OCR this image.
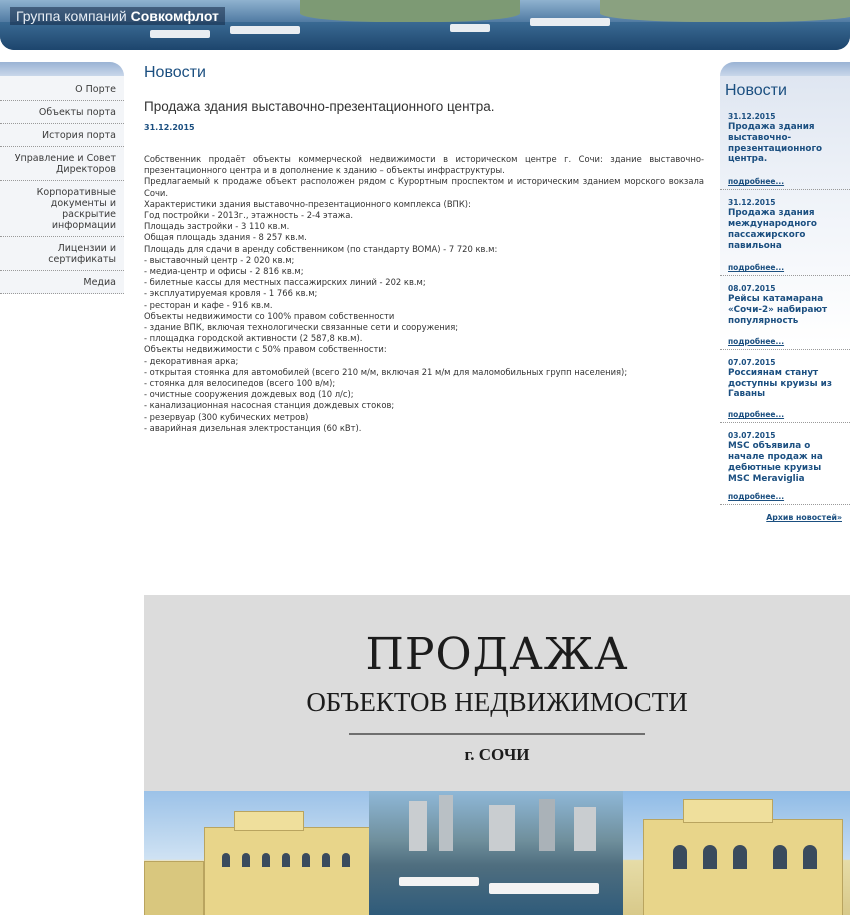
Группа компаний Совкомфлот
О Порте
Объекты порта
История порта
Управление и Совет Директоров
Корпоративные документы и раскрытие информации
Лицензии и сертификаты
Медиа
Новости
Продажа здания выставочно-презентационного центра.
31.12.2015

Собственник продаёт объекты коммерческой недвижимости в историческом центре г. Сочи: здание выставочно-презентационного центра и в дополнение к зданию – объекты инфраструктуры.

Предлагаемый к продаже объект расположен рядом с Курортным проспектом и историческим зданием морского вокзала Сочи.

Характеристики здания выставочно-презентационного комплекса (ВПК):

Год постройки - 2013г., этажность - 2-4 этажа.

Площадь застройки - 3 110 кв.м.

Общая площадь здания - 8 257 кв.м.

Площадь для сдачи в аренду собственником (по стандарту BOMA) - 7 720 кв.м:

- выставочный центр - 2 020 кв.м;

- медиа-центр и офисы - 2 816 кв.м;

- билетные кассы для местных пассажирских линий - 202 кв.м;

- эксплуатируемая кровля - 1 766 кв.м;

- ресторан и кафе - 916 кв.м.

Объекты недвижимости со 100% правом собственности

- здание ВПК, включая технологически связанные сети и сооружения;

- площадка городской активности (2 587,8 кв.м).

Объекты недвижимости с 50% правом собственности:

- декоративная арка;

- открытая стоянка для автомобилей (всего 210 м/м, включая 21 м/м для маломобильных групп населения);

- стоянка для велосипедов (всего 100 в/м);

- очистные сооружения дождевых вод (10 л/с);

- канализационная насосная станция дождевых стоков;

- резервуар (300 кубических метров)

- аварийная дизельная электростанция (60 кВт).

Новости
31.12.2015
Продажа здания выставочно-презентационного центра.
подробнее...
31.12.2015
Продажа здания международного пассажирского павильона
подробнее...
08.07.2015
Рейсы катамарана «Сочи-2» набирают популярность
подробнее...
07.07.2015
Россиянам станут доступны круизы из Гаваны
подробнее...
03.07.2015
MSC объявила о начале продаж на дебютные круизы MSC Meraviglia
подробнее...
Архив новостей»
ПРОДАЖА
ОБЪЕКТОВ НЕДВИЖИМОСТИ
г. СОЧИ
